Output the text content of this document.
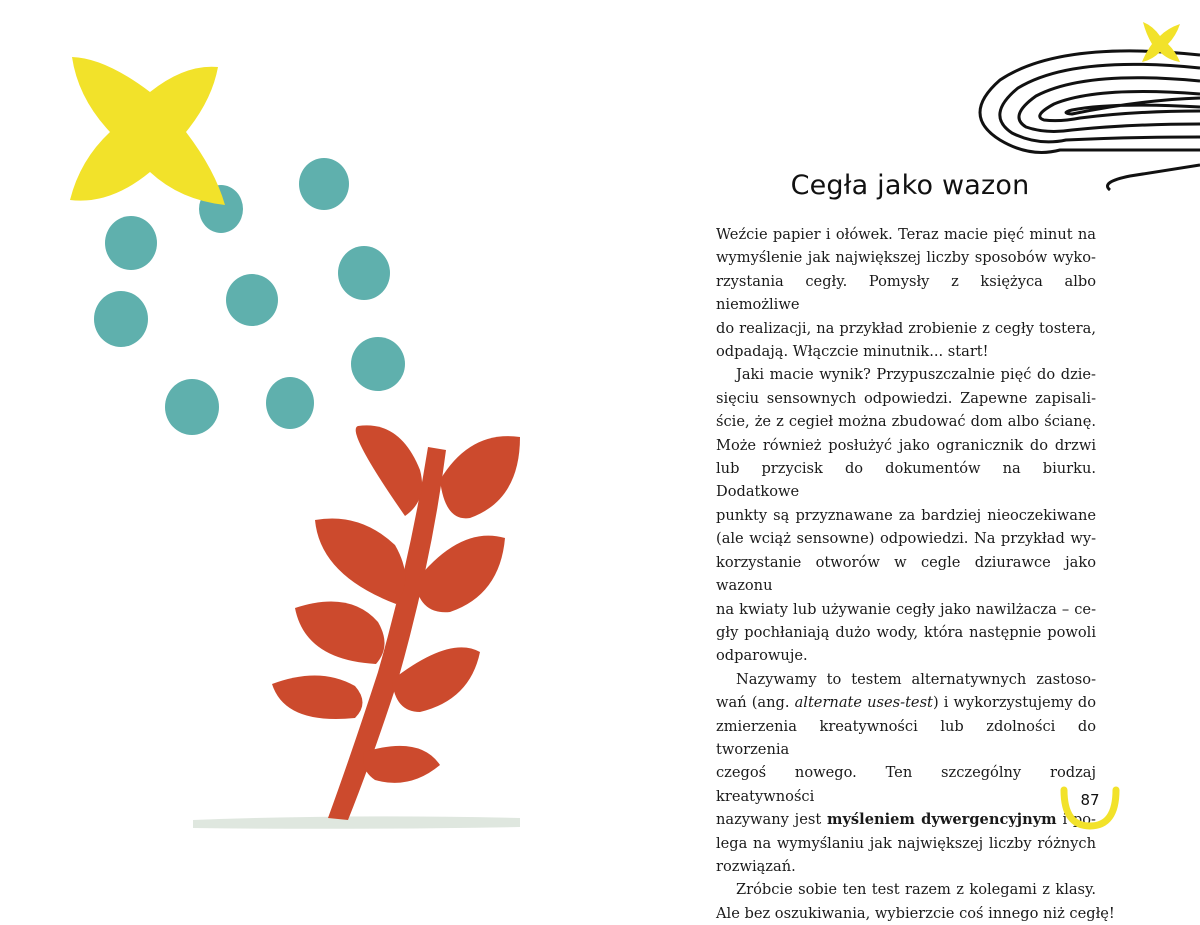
Cegła jako wazon
Weźcie papier i ołówek. Teraz macie pięć minut na
wymyślenie jak największej liczby sposobów wyko-
rzystania cegły. Pomysły z księżyca albo niemożliwe
do realizacji, na przykład zrobienie z cegły tostera,
odpadają. Włączcie minutnik... start!
Jaki macie wynik? Przypuszczalnie pięć do dzie-
sięciu sensownych odpowiedzi. Zapewne zapisali-
ście, że z cegieł można zbudować dom albo ścianę.
Może również posłużyć jako ogranicznik do drzwi
lub przycisk do dokumentów na biurku. Dodatkowe
punkty są przyznawane za bardziej nieoczekiwane
(ale wciąż sensowne) odpowiedzi. Na przykład wy-
korzystanie otworów w cegle dziurawce jako wazonu
na kwiaty lub używanie cegły jako nawilżacza – ce-
gły pochłaniają dużo wody, która następnie powoli
odparowuje.
Nazywamy to testem alternatywnych zastoso-
wań (ang. alternate uses-test) i wykorzystujemy do
zmierzenia kreatywności lub zdolności do tworzenia
czegoś nowego. Ten szczególny rodzaj kreatywności
nazywany jest myśleniem dywergencyjnym i po-
lega na wymyślaniu jak największej liczby różnych
rozwiązań.
Zróbcie sobie ten test razem z kolegami z klasy.
Ale bez oszukiwania, wybierzcie coś innego niż cegłę!
87
